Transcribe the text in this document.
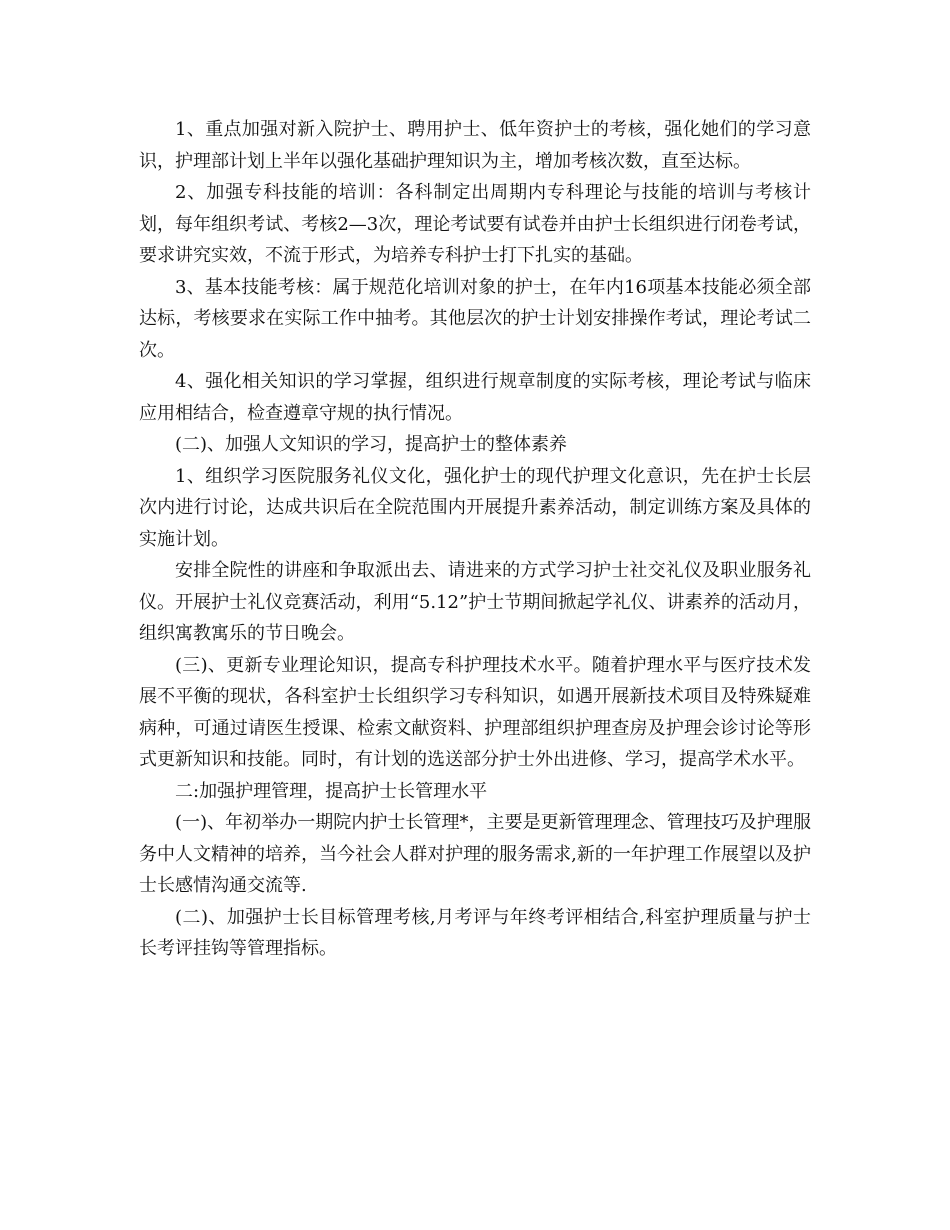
1、重点加强对新入院护士、聘用护士、低年资护士的考核，强化她们的学习意识，护理部计划上半年以强化基础护理知识为主，增加考核次数，直至达标。

2、加强专科技能的培训：各科制定出周期内专科理论与技能的培训与考核计划，每年组织考试、考核2—3次，理论考试要有试卷并由护士长组织进行闭卷考试，要求讲究实效，不流于形式，为培养专科护士打下扎实的基础。

3、基本技能考核：属于规范化培训对象的护士，在年内16项基本技能必须全部达标，考核要求在实际工作中抽考。其他层次的护士计划安排操作考试，理论考试二次。

4、强化相关知识的学习掌握，组织进行规章制度的实际考核，理论考试与临床应用相结合，检查遵章守规的执行情况。

(二)、加强人文知识的学习，提高护士的整体素养

1、组织学习医院服务礼仪文化，强化护士的现代护理文化意识，先在护士长层次内进行讨论，达成共识后在全院范围内开展提升素养活动，制定训练方案及具体的实施计划。

安排全院性的讲座和争取派出去、请进来的方式学习护士社交礼仪及职业服务礼仪。开展护士礼仪竞赛活动，利用“5.12”护士节期间掀起学礼仪、讲素养的活动月，组织寓教寓乐的节日晚会。

(三)、更新专业理论知识，提高专科护理技术水平。随着护理水平与医疗技术发展不平衡的现状，各科室护士长组织学习专科知识，如遇开展新技术项目及特殊疑难病种，可通过请医生授课、检索文献资料、护理部组织护理查房及护理会诊讨论等形式更新知识和技能。同时，有计划的选送部分护士外出进修、学习，提高学术水平。

二:加强护理管理，提高护士长管理水平

(一)、年初举办一期院内护士长管理*，主要是更新管理理念、管理技巧及护理服务中人文精神的培养，当今社会人群对护理的服务需求,新的一年护理工作展望以及护士长感情沟通交流等.

(二)、加强护士长目标管理考核,月考评与年终考评相结合,科室护理质量与护士长考评挂钩等管理指标。
